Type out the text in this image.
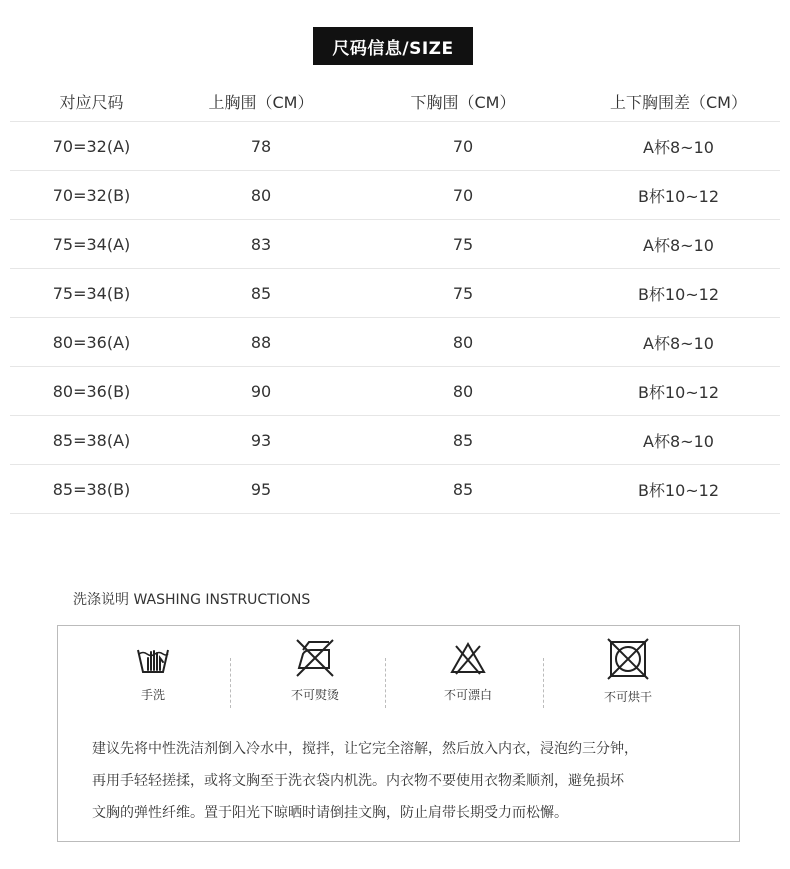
尺码信息/SIZE
对应尺码	上胸围（CM）	下胸围（CM）	上下胸围差（CM）
70=32(A)	78	70	A杯8~10
70=32(B)	80	70	B杯10~12
75=34(A)	83	75	A杯8~10
75=34(B)	85	75	B杯10~12
80=36(A)	88	80	A杯8~10
80=36(B)	90	80	B杯10~12
85=38(A)	93	85	A杯8~10
85=38(B)	95	85	B杯10~12
洗涤说明 WASHING INSTRUCTIONS
手洗	不可熨烫	不可漂白	不可烘干

建议先将中性洗洁剂倒入冷水中，搅拌，让它完全溶解，然后放入内衣，浸泡约三分钟，

再用手轻轻搓揉，或将文胸至于洗衣袋内机洗。内衣物不要使用衣物柔顺剂，避免损坏

文胸的弹性纤维。置于阳光下晾晒时请倒挂文胸，防止肩带长期受力而松懈。
